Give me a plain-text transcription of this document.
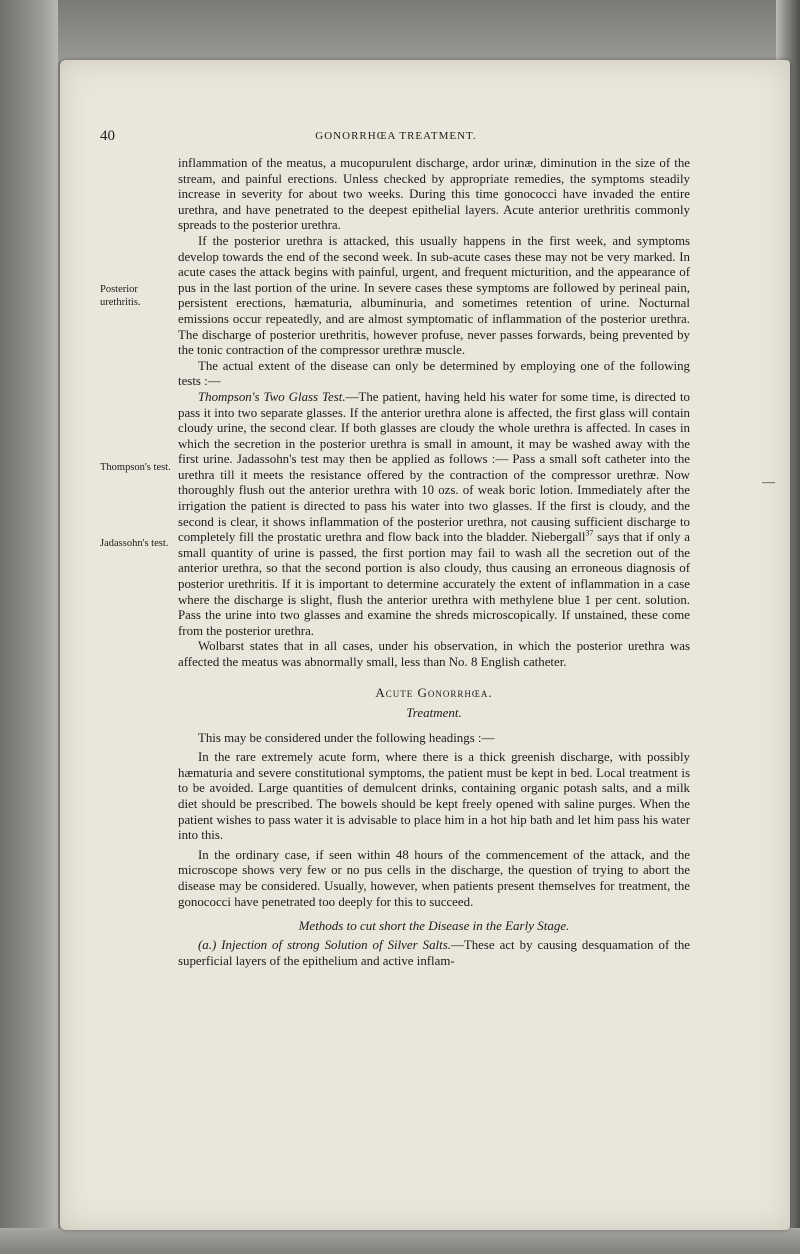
40	GONORRHŒA TREATMENT.
Posterior urethritis.
Thompson's test.
Jadassohn's test.
—

inflammation of the meatus, a mucopurulent discharge, ardor urinæ, diminution in the size of the stream, and painful erections. Unless checked by appropriate remedies, the symptoms steadily increase in severity for about two weeks. During this time gonococci have invaded the entire urethra, and have penetrated to the deepest epithelial layers. Acute anterior urethritis commonly spreads to the posterior urethra.

If the posterior urethra is attacked, this usually happens in the first week, and symptoms develop towards the end of the second week. In sub-acute cases these may not be very marked. In acute cases the attack begins with painful, urgent, and frequent micturition, and the appearance of pus in the last portion of the urine. In severe cases these symptoms are followed by perineal pain, persistent erections, hæmaturia, albuminuria, and sometimes retention of urine. Nocturnal emissions occur repeatedly, and are almost symptomatic of inflammation of the posterior urethra. The discharge of posterior urethritis, however profuse, never passes forwards, being prevented by the tonic contraction of the compressor urethræ muscle.

The actual extent of the disease can only be determined by employing one of the following tests :—

Thompson's Two Glass Test.—The patient, having held his water for some time, is directed to pass it into two separate glasses. If the anterior urethra alone is affected, the first glass will contain cloudy urine, the second clear. If both glasses are cloudy the whole urethra is affected. In cases in which the secretion in the posterior urethra is small in amount, it may be washed away with the first urine. Jadassohn's test may then be applied as follows :— Pass a small soft catheter into the urethra till it meets the resistance offered by the contraction of the compressor urethræ. Now thoroughly flush out the anterior urethra with 10 ozs. of weak boric lotion. Immediately after the irrigation the patient is directed to pass his water into two glasses. If the first is cloudy, and the second is clear, it shows inflammation of the posterior urethra, not causing sufficient discharge to completely fill the prostatic urethra and flow back into the bladder. Niebergall$^{37}$ says that if only a small quantity of urine is passed, the first portion may fail to wash all the secretion out of the anterior urethra, so that the second portion is also cloudy, thus causing an erroneous diagnosis of posterior urethritis. If it is important to determine accurately the extent of inflammation in a case where the discharge is slight, flush the anterior urethra with methylene blue 1 per cent. solution. Pass the urine into two glasses and examine the shreds microscopically. If unstained, these come from the posterior urethra.

Wolbarst states that in all cases, under his observation, in which the posterior urethra was affected the meatus was abnormally small, less than No. 8 English catheter.

Acute Gonorrhœa.
Treatment.

This may be considered under the following headings :—

In the rare extremely acute form, where there is a thick greenish discharge, with possibly hæmaturia and severe constitutional symptoms, the patient must be kept in bed. Local treatment is to be avoided. Large quantities of demulcent drinks, containing organic potash salts, and a milk diet should be prescribed. The bowels should be kept freely opened with saline purges. When the patient wishes to pass water it is advisable to place him in a hot hip bath and let him pass his water into this.

In the ordinary case, if seen within 48 hours of the commencement of the attack, and the microscope shows very few or no pus cells in the discharge, the question of trying to abort the disease may be considered. Usually, however, when patients present themselves for treatment, the gonococci have penetrated too deeply for this to succeed.

Methods to cut short the Disease in the Early Stage.

(a.) Injection of strong Solution of Silver Salts.—These act by causing desquamation of the superficial layers of the epithelium and active inflam-
